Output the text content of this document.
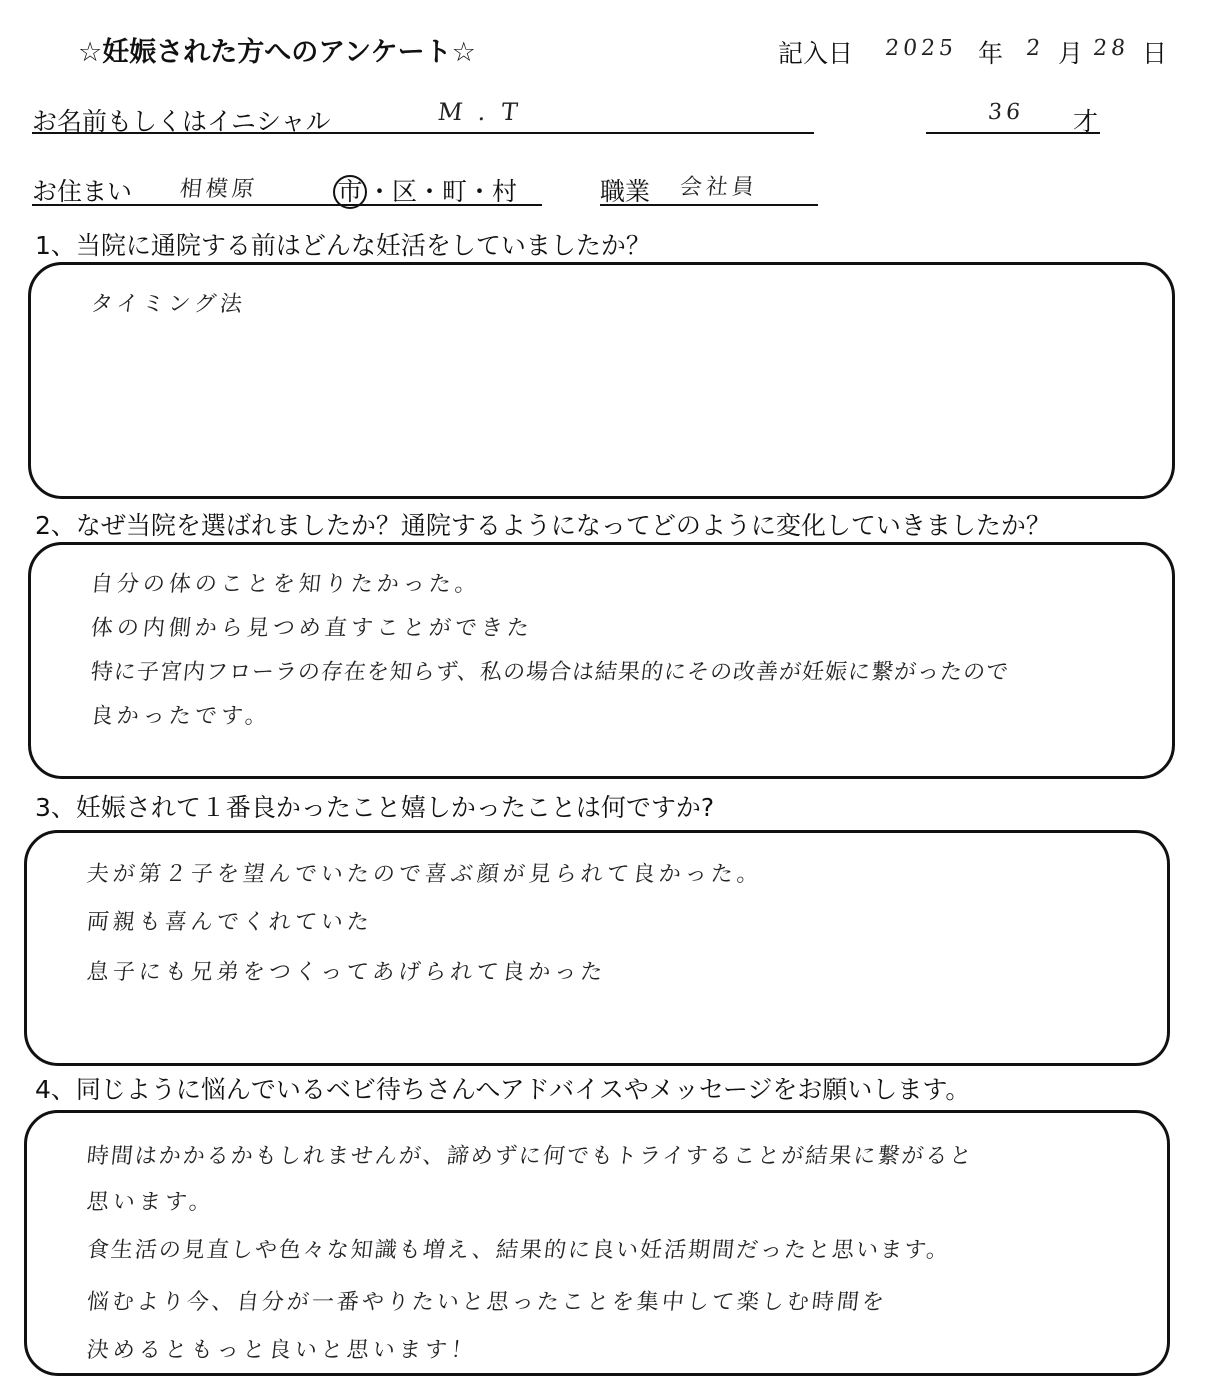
☆妊娠された方へのアンケート☆	記入日 2025 年 2 月 28 日
お名前もしくはイニシャル	M . T	36 才
お住まい 相模原	市 ・区・町・村	職業 会社員
1、当院に通院する前はどんな妊活をしていましたか？
タイミング法
2、なぜ当院を選ばれましたか？通院するようになってどのように変化していきましたか？
自分の体のことを知りたかった。
体の内側から見つめ直すことができた
特に子宮内フローラの存在を知らず、私の場合は結果的にその改善が妊娠に繋がったので
良かったです。
3、妊娠されて１番良かったこと嬉しかったことは何ですか?
夫が第２子を望んでいたので喜ぶ顔が見られて良かった。
両親も喜んでくれていた
息子にも兄弟をつくってあげられて良かった
4、同じように悩んでいるベビ待ちさんへアドバイスやメッセージをお願いします。
時間はかかるかもしれませんが、諦めずに何でもトライすることが結果に繋がると
思います。
食生活の見直しや色々な知識も増え、結果的に良い妊活期間だったと思います。
悩むより今、自分が一番やりたいと思ったことを集中して楽しむ時間を
決めるともっと良いと思います！
